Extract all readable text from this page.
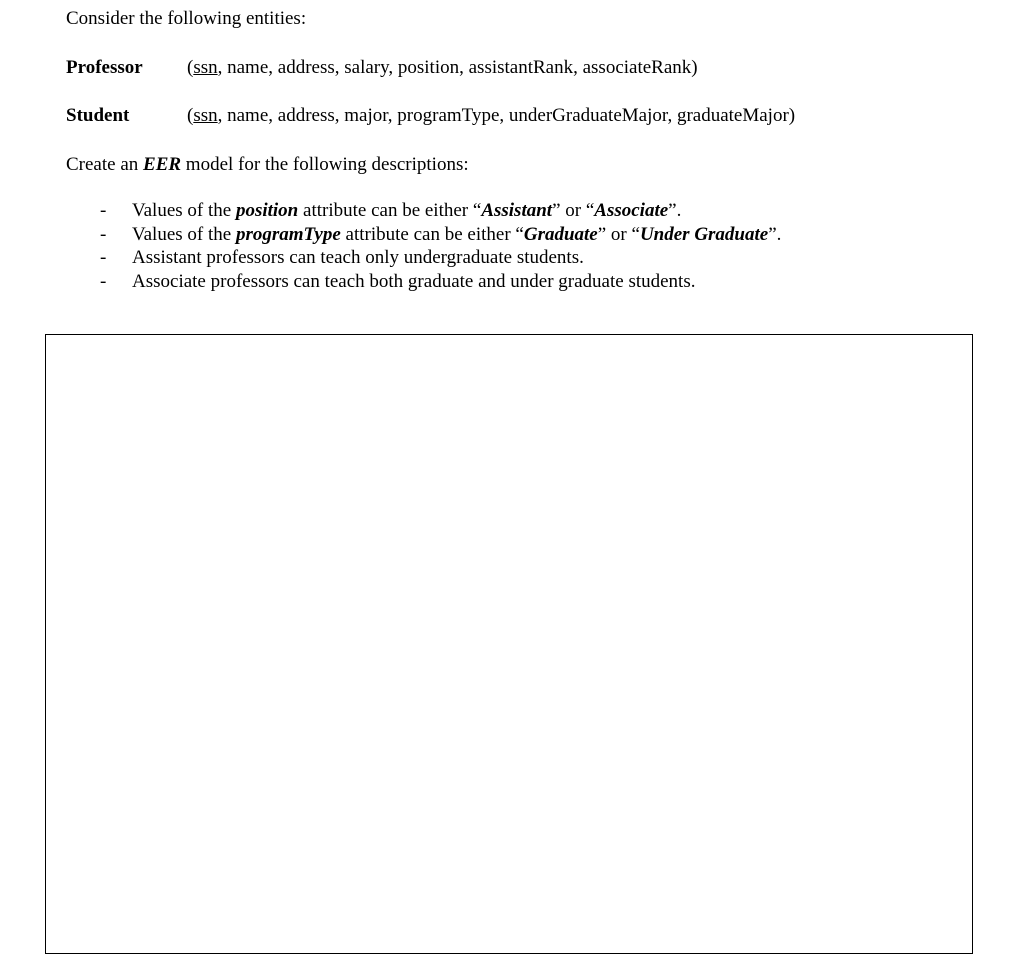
Consider the following entities:

Professor (ssn, name, address, salary, position, assistantRank, associateRank)

Student	(ssn, name, address, major, programType, underGraduateMajor, graduateMajor)

Create an EER model for the following descriptions:

- Values of the position attribute can be either “Assistant” or “Associate”.
- Values of the programType attribute can be either “Graduate” or “Under Graduate”.
- Assistant professors can teach only undergraduate students.
- Associate professors can teach both graduate and under graduate students.
